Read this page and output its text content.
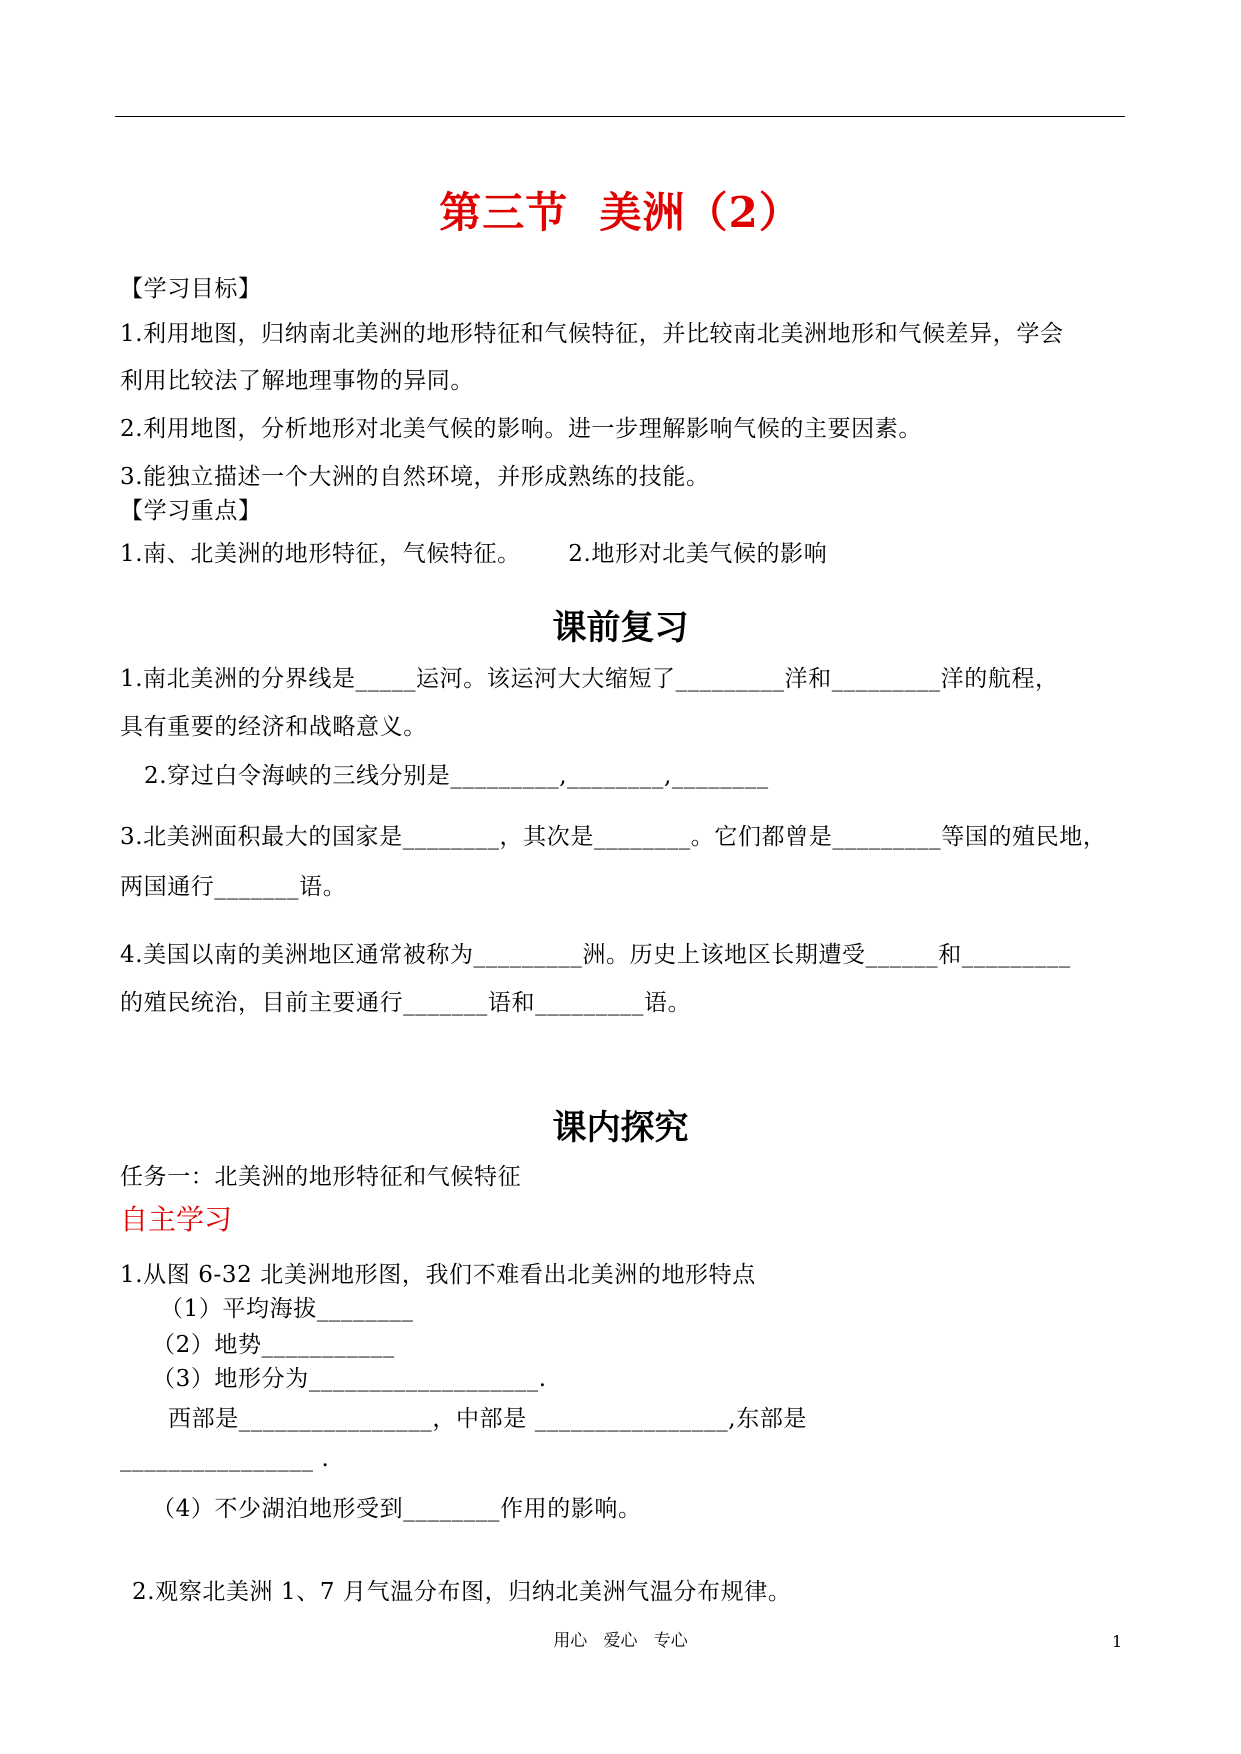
第三节  美洲（2）
【学习目标】
1.利用地图，归纳南北美洲的地形特征和气候特征，并比较南北美洲地形和气候差异，学会
利用比较法了解地理事物的异同。
2.利用地图，分析地形对北美气候的影响。进一步理解影响气候的主要因素。
3.能独立描述一个大洲的自然环境，并形成熟练的技能。
【学习重点】
1.南、北美洲的地形特征，气候特征。      2.地形对北美气候的影响
课前复习
1.南北美洲的分界线是_____运河。该运河大大缩短了_________洋和_________洋的航程，
具有重要的经济和战略意义。
2.穿过白令海峡的三线分别是_________,________,________
3.北美洲面积最大的国家是________，其次是________。它们都曾是_________等国的殖民地，
两国通行_______语。
4.美国以南的美洲地区通常被称为_________洲。历史上该地区长期遭受______和_________
的殖民统治，目前主要通行_______语和_________语。
课内探究
任务一：北美洲的地形特征和气候特征
自主学习
1.从图 6-32 北美洲地形图，我们不难看出北美洲的地形特点
（1）平均海拔________
（2）地势___________
（3）地形分为___________________.
西部是________________，中部是 ________________,东部是
________________ .
（4）不少湖泊地形受到________作用的影响。
2.观察北美洲 1、7 月气温分布图，归纳北美洲气温分布规律。
用心   爱心   专心	1
